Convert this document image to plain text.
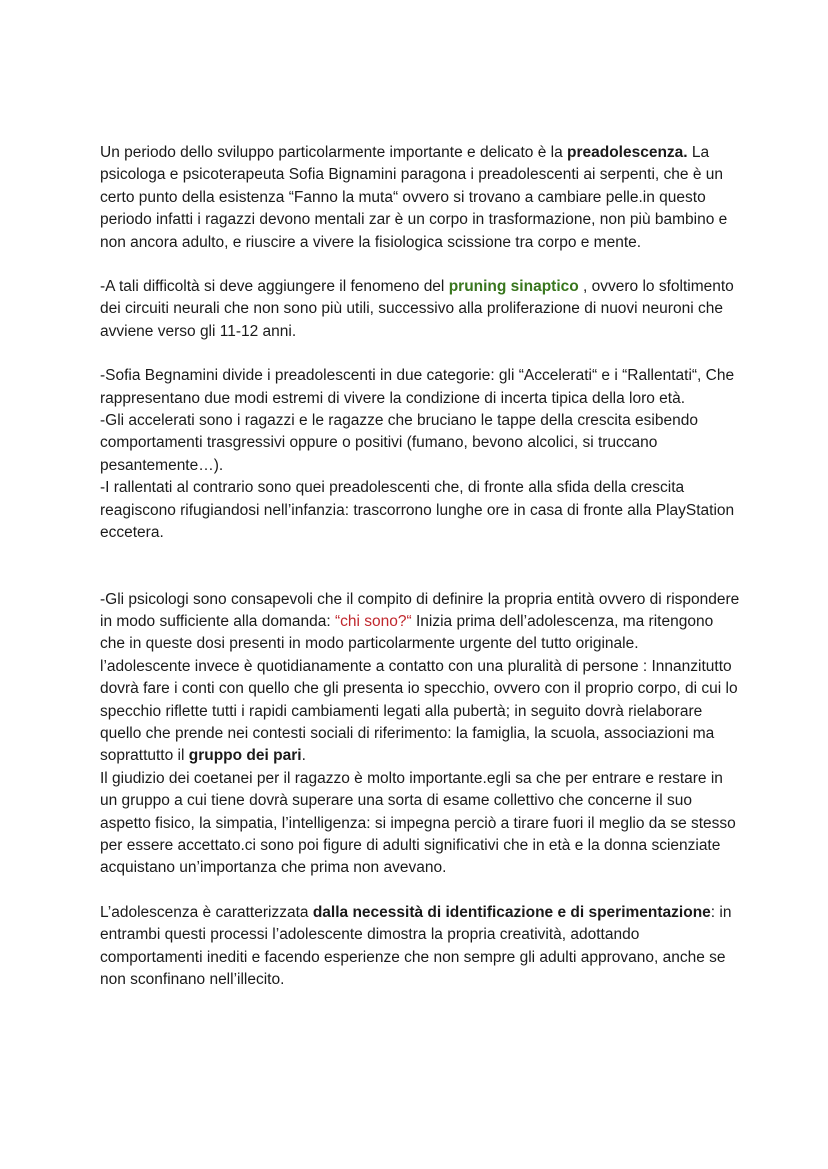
Un periodo dello sviluppo particolarmente importante e delicato è la preadolescenza. La psicologa e psicoterapeuta Sofia Bignamini paragona i preadolescenti ai serpenti, che è un certo punto della esistenza “Fanno la muta“ ovvero si trovano a cambiare pelle.in questo periodo infatti i ragazzi devono mentali zar è un corpo in trasformazione, non più bambino e non ancora adulto, e riuscire a vivere la fisiologica scissione tra corpo e mente.

-A tali difficoltà si deve aggiungere il fenomeno del pruning sinaptico , ovvero lo sfoltimento dei circuiti neurali che non sono più utili, successivo alla proliferazione di nuovi neuroni che avviene verso gli 11-12 anni.

-Sofia Begnamini divide i preadolescenti in due categorie: gli “Accelerati“ e i “Rallentati“, Che rappresentano due modi estremi di vivere la condizione di incerta tipica della loro età.

-Gli accelerati sono i ragazzi e le ragazze che bruciano le tappe della crescita esibendo comportamenti trasgressivi oppure o positivi (fumano, bevono alcolici, si truccano pesantemente…).

-I rallentati al contrario sono quei preadolescenti che, di fronte alla sfida della crescita reagiscono rifugiandosi nell’infanzia: trascorrono lunghe ore in casa di fronte alla PlayStation eccetera.

-Gli psicologi sono consapevoli che il compito di definire la propria entità ovvero di rispondere in modo sufficiente alla domanda: “chi sono?“ Inizia prima dell’adolescenza, ma ritengono che in queste dosi presenti in modo particolarmente urgente del tutto originale.

l’adolescente invece è quotidianamente a contatto con una pluralità di persone : Innanzitutto dovrà fare i conti con quello che gli presenta io specchio, ovvero con il proprio corpo, di cui lo specchio riflette tutti i rapidi cambiamenti legati alla pubertà; in seguito dovrà rielaborare quello che prende nei contesti sociali di riferimento: la famiglia, la scuola, associazioni ma soprattutto il gruppo dei pari.

Il giudizio dei coetanei per il ragazzo è molto importante.egli sa che per entrare e restare in un gruppo a cui tiene dovrà superare una sorta di esame collettivo che concerne il suo aspetto fisico, la simpatia, l’intelligenza: si impegna perciò a tirare fuori il meglio da se stesso per essere accettato.ci sono poi figure di adulti significativi che in età e la donna scienziate acquistano un’importanza che prima non avevano.

L’adolescenza è caratterizzata dalla necessità di identificazione e di sperimentazione: in entrambi questi processi l’adolescente dimostra la propria creatività, adottando comportamenti inediti e facendo esperienze che non sempre gli adulti approvano, anche se non sconfinano nell’illecito.
